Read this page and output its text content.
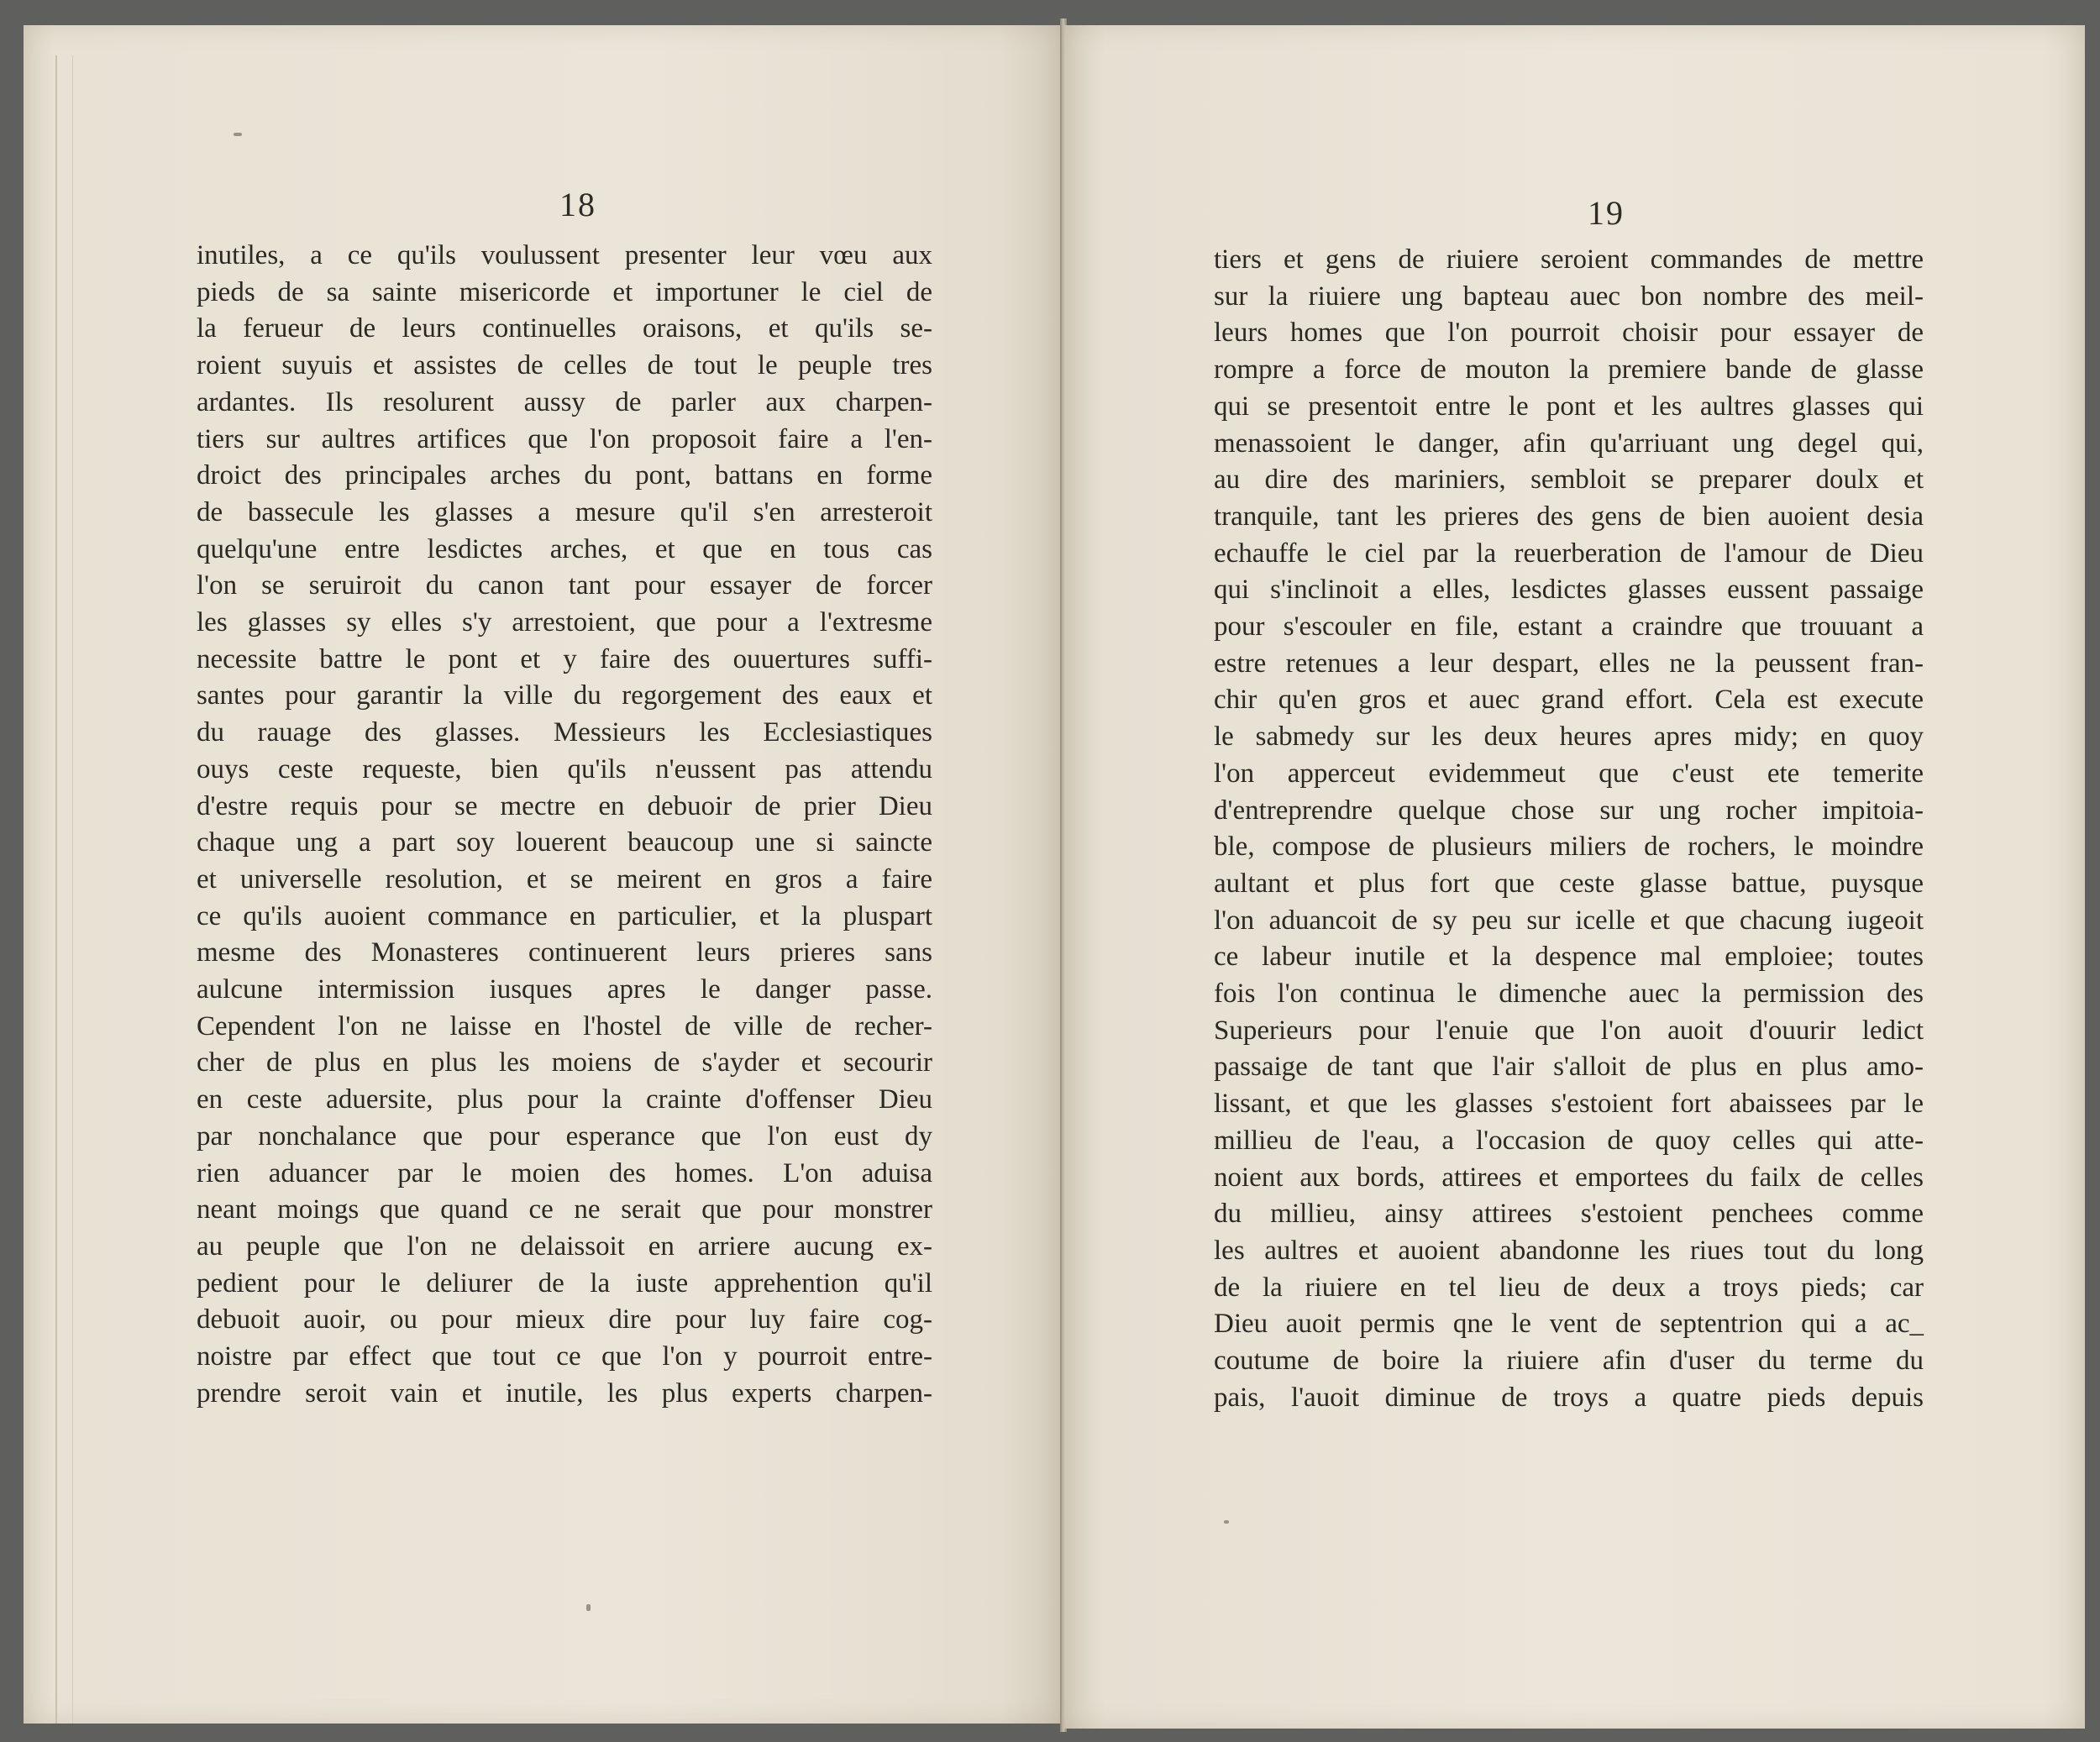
18
inutiles, a ce qu'ils voulussent presenter leur vœu aux
pieds de sa sainte misericorde et importuner le ciel de
la ferueur de leurs continuelles oraisons, et qu'ils se-
roient suyuis et assistes de celles de tout le peuple tres
ardantes. Ils resolurent aussy de parler aux charpen-
tiers sur aultres artifices que l'on proposoit faire a l'en-
droict des principales arches du pont, battans en forme
de bassecule les glasses a mesure qu'il s'en arresteroit
quelqu'une entre lesdictes arches, et que en tous cas
l'on se seruiroit du canon tant pour essayer de forcer
les glasses sy elles s'y arrestoient, que pour a l'extresme
necessite battre le pont et y faire des ouuertures suffi-
santes pour garantir la ville du regorgement des eaux et
du rauage des glasses. Messieurs les Ecclesiastiques
ouys ceste requeste, bien qu'ils n'eussent pas attendu
d'estre requis pour se mectre en debuoir de prier Dieu
chaque ung a part soy louerent beaucoup une si saincte
et universelle resolution, et se meirent en gros a faire
ce qu'ils auoient commance en particulier, et la pluspart
mesme des Monasteres continuerent leurs prieres sans
aulcune intermission iusques apres le danger passe.
Cependent l'on ne laisse en l'hostel de ville de recher-
cher de plus en plus les moiens de s'ayder et secourir
en ceste aduersite, plus pour la crainte d'offenser Dieu
par nonchalance que pour esperance que l'on eust dy
rien aduancer par le moien des homes. L'on aduisa
neant moings que quand ce ne serait que pour monstrer
au peuple que l'on ne delaissoit en arriere aucung ex-
pedient pour le deliurer de la iuste apprehention qu'il
debuoit auoir, ou pour mieux dire pour luy faire cog-
noistre par effect que tout ce que l'on y pourroit entre-
prendre seroit vain et inutile, les plus experts charpen-
19
tiers et gens de riuiere seroient commandes de mettre
sur la riuiere ung bapteau auec bon nombre des meil-
leurs homes que l'on pourroit choisir pour essayer de
rompre a force de mouton la premiere bande de glasse
qui se presentoit entre le pont et les aultres glasses qui
menassoient le danger, afin qu'arriuant ung degel qui,
au dire des mariniers, sembloit se preparer doulx et
tranquile, tant les prieres des gens de bien auoient desia
echauffe le ciel par la reuerberation de l'amour de Dieu
qui s'inclinoit a elles, lesdictes glasses eussent passaige
pour s'escouler en file, estant a craindre que trouuant a
estre retenues a leur despart, elles ne la peussent fran-
chir qu'en gros et auec grand effort. Cela est execute
le sabmedy sur les deux heures apres midy; en quoy
l'on apperceut evidemmeut que c'eust ete temerite
d'entreprendre quelque chose sur ung rocher impitoia-
ble, compose de plusieurs miliers de rochers, le moindre
aultant et plus fort que ceste glasse battue, puysque
l'on aduancoit de sy peu sur icelle et que chacung iugeoit
ce labeur inutile et la despence mal emploiee; toutes
fois l'on continua le dimenche auec la permission des
Superieurs pour l'enuie que l'on auoit d'ouurir ledict
passaige de tant que l'air s'alloit de plus en plus amo-
lissant, et que les glasses s'estoient fort abaissees par le
millieu de l'eau, a l'occasion de quoy celles qui atte-
noient aux bords, attirees et emportees du failx de celles
du millieu, ainsy attirees s'estoient penchees comme
les aultres et auoient abandonne les riues tout du long
de la riuiere en tel lieu de deux a troys pieds; car
Dieu auoit permis qne le vent de septentrion qui a ac_
coutume de boire la riuiere afin d'user du terme du
pais, l'auoit diminue de troys a quatre pieds depuis
